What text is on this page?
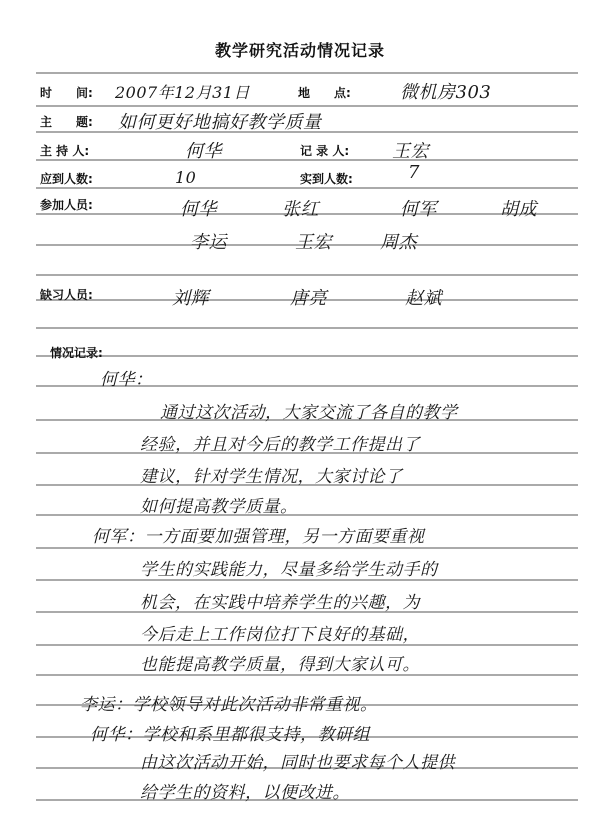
教学研究活动情况记录
时　　间: 2007年12月31日	地　　点:	微机房303
主　　题: 如何更好地搞好教学质量
主 持 人:	何华	记 录 人: 王宏
应到人数:	10	实到人数:	7
参加人员:	何华	张红	何军	胡成
李运	王宏	周杰
缺习人员:	刘辉	唐亮	赵斌
情况记录:
何华：
通过这次活动，大家交流了各自的教学
经验，并且对今后的教学工作提出了
建议，针对学生情况，大家讨论了
如何提高教学质量。
何军：一方面要加强管理，另一方面要重视
学生的实践能力，尽量多给学生动手的
机会，在实践中培养学生的兴趣，为
今后走上工作岗位打下良好的基础，
也能提高教学质量，得到大家认可。
李运：学校领导对此次活动非常重视。
何华：学校和系里都很支持，教研组
由这次活动开始，同时也要求每个人提供
给学生的资料，以便改进。
